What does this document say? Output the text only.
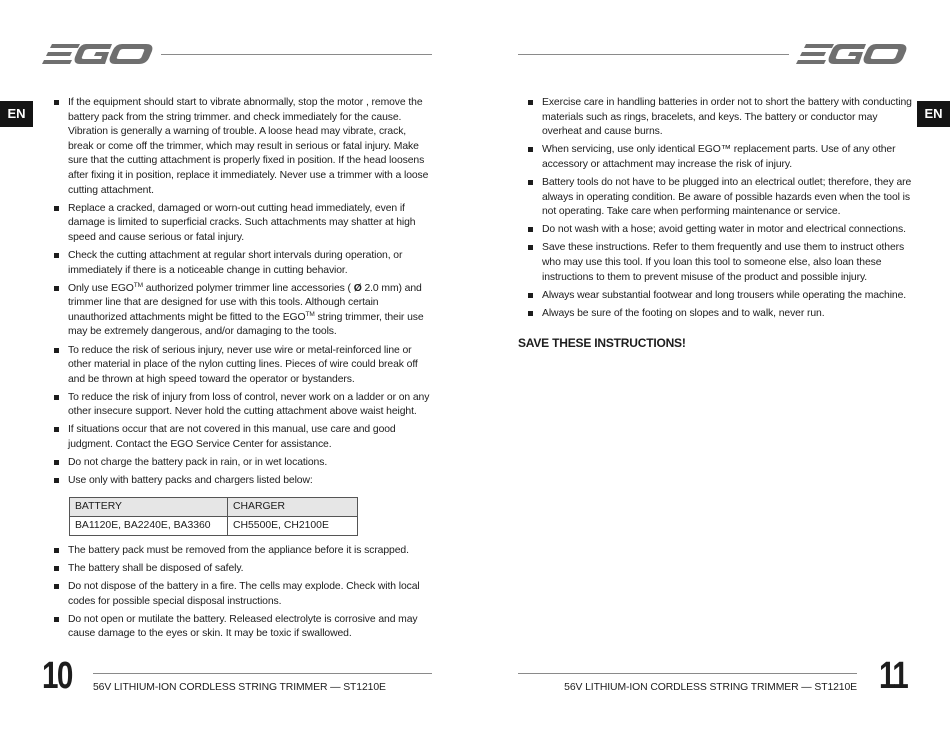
EN
If the equipment should start to vibrate abnormally, stop the motor , remove the battery pack from the string trimmer. and check immediately for the cause. Vibration is generally a warning of trouble. A loose head may vibrate, crack, break or come off the trimmer, which may result in serious or fatal injury. Make sure that the cutting attachment is properly fixed in position. If the head loosens after fixing it in position, replace it immediately. Never use a trimmer with a loose cutting attachment.
Replace a cracked, damaged or worn-out cutting head immediately, even if damage is limited to superficial cracks. Such attachments may shatter at high speed and cause serious or fatal injury.
Check the cutting attachment at regular short intervals during operation, or immediately if there is a noticeable change in cutting behavior.
Only use EGO™ authorized polymer trimmer line accessories ( Ø 2.0 mm) and trimmer line that are designed for use with this tools. Although certain unauthorized attachments might be fitted to the EGO™ string trimmer, their use may be extremely dangerous, and/or damaging to the tools.
To reduce the risk of serious injury, never use wire or metal-reinforced line or other material in place of the nylon cutting lines. Pieces of wire could break off and be thrown at high speed toward the operator or bystanders.
To reduce the risk of injury from loss of control, never work on a ladder or on any other insecure support. Never hold the cutting attachment above waist height.
If situations occur that are not covered in this manual, use care and good judgment. Contact the EGO Service Center for assistance.
Do not charge the battery pack in rain, or in wet locations.
Use only with battery packs and chargers listed below:
BATTERY	CHARGER
BA1120E, BA2240E, BA3360	CH5500E, CH2100E
The battery pack must be removed from the appliance before it is scrapped.
The battery shall be disposed of safely.
Do not dispose of the battery in a fire. The cells may explode. Check with local codes for possible special disposal instructions.
Do not open or mutilate the battery. Released electrolyte is corrosive and may cause damage to the eyes or skin. It may be toxic if swallowed.
10 56V LITHIUM-ION CORDLESS STRING TRIMMER — ST1210E
EN
Exercise care in handling batteries in order not to short the battery with conducting materials such as rings, bracelets, and keys. The battery or conductor may overheat and cause burns.
When servicing, use only identical EGO™ replacement parts. Use of any other accessory or attachment may increase the risk of injury.
Battery tools do not have to be plugged into an electrical outlet; therefore, they are always in operating condition. Be aware of possible hazards even when the tool is not operating. Take care when performing maintenance or service.
Do not wash with a hose; avoid getting water in motor and electrical connections.
Save these instructions. Refer to them frequently and use them to instruct others who may use this tool. If you loan this tool to someone else, also loan these instructions to them to prevent misuse of the product and possible injury.
Always wear substantial footwear and long trousers while operating the machine.
Always be sure of the footing on slopes and to walk, never run.
SAVE THESE INSTRUCTIONS!
56V LITHIUM-ION CORDLESS STRING TRIMMER — ST1210E 11
